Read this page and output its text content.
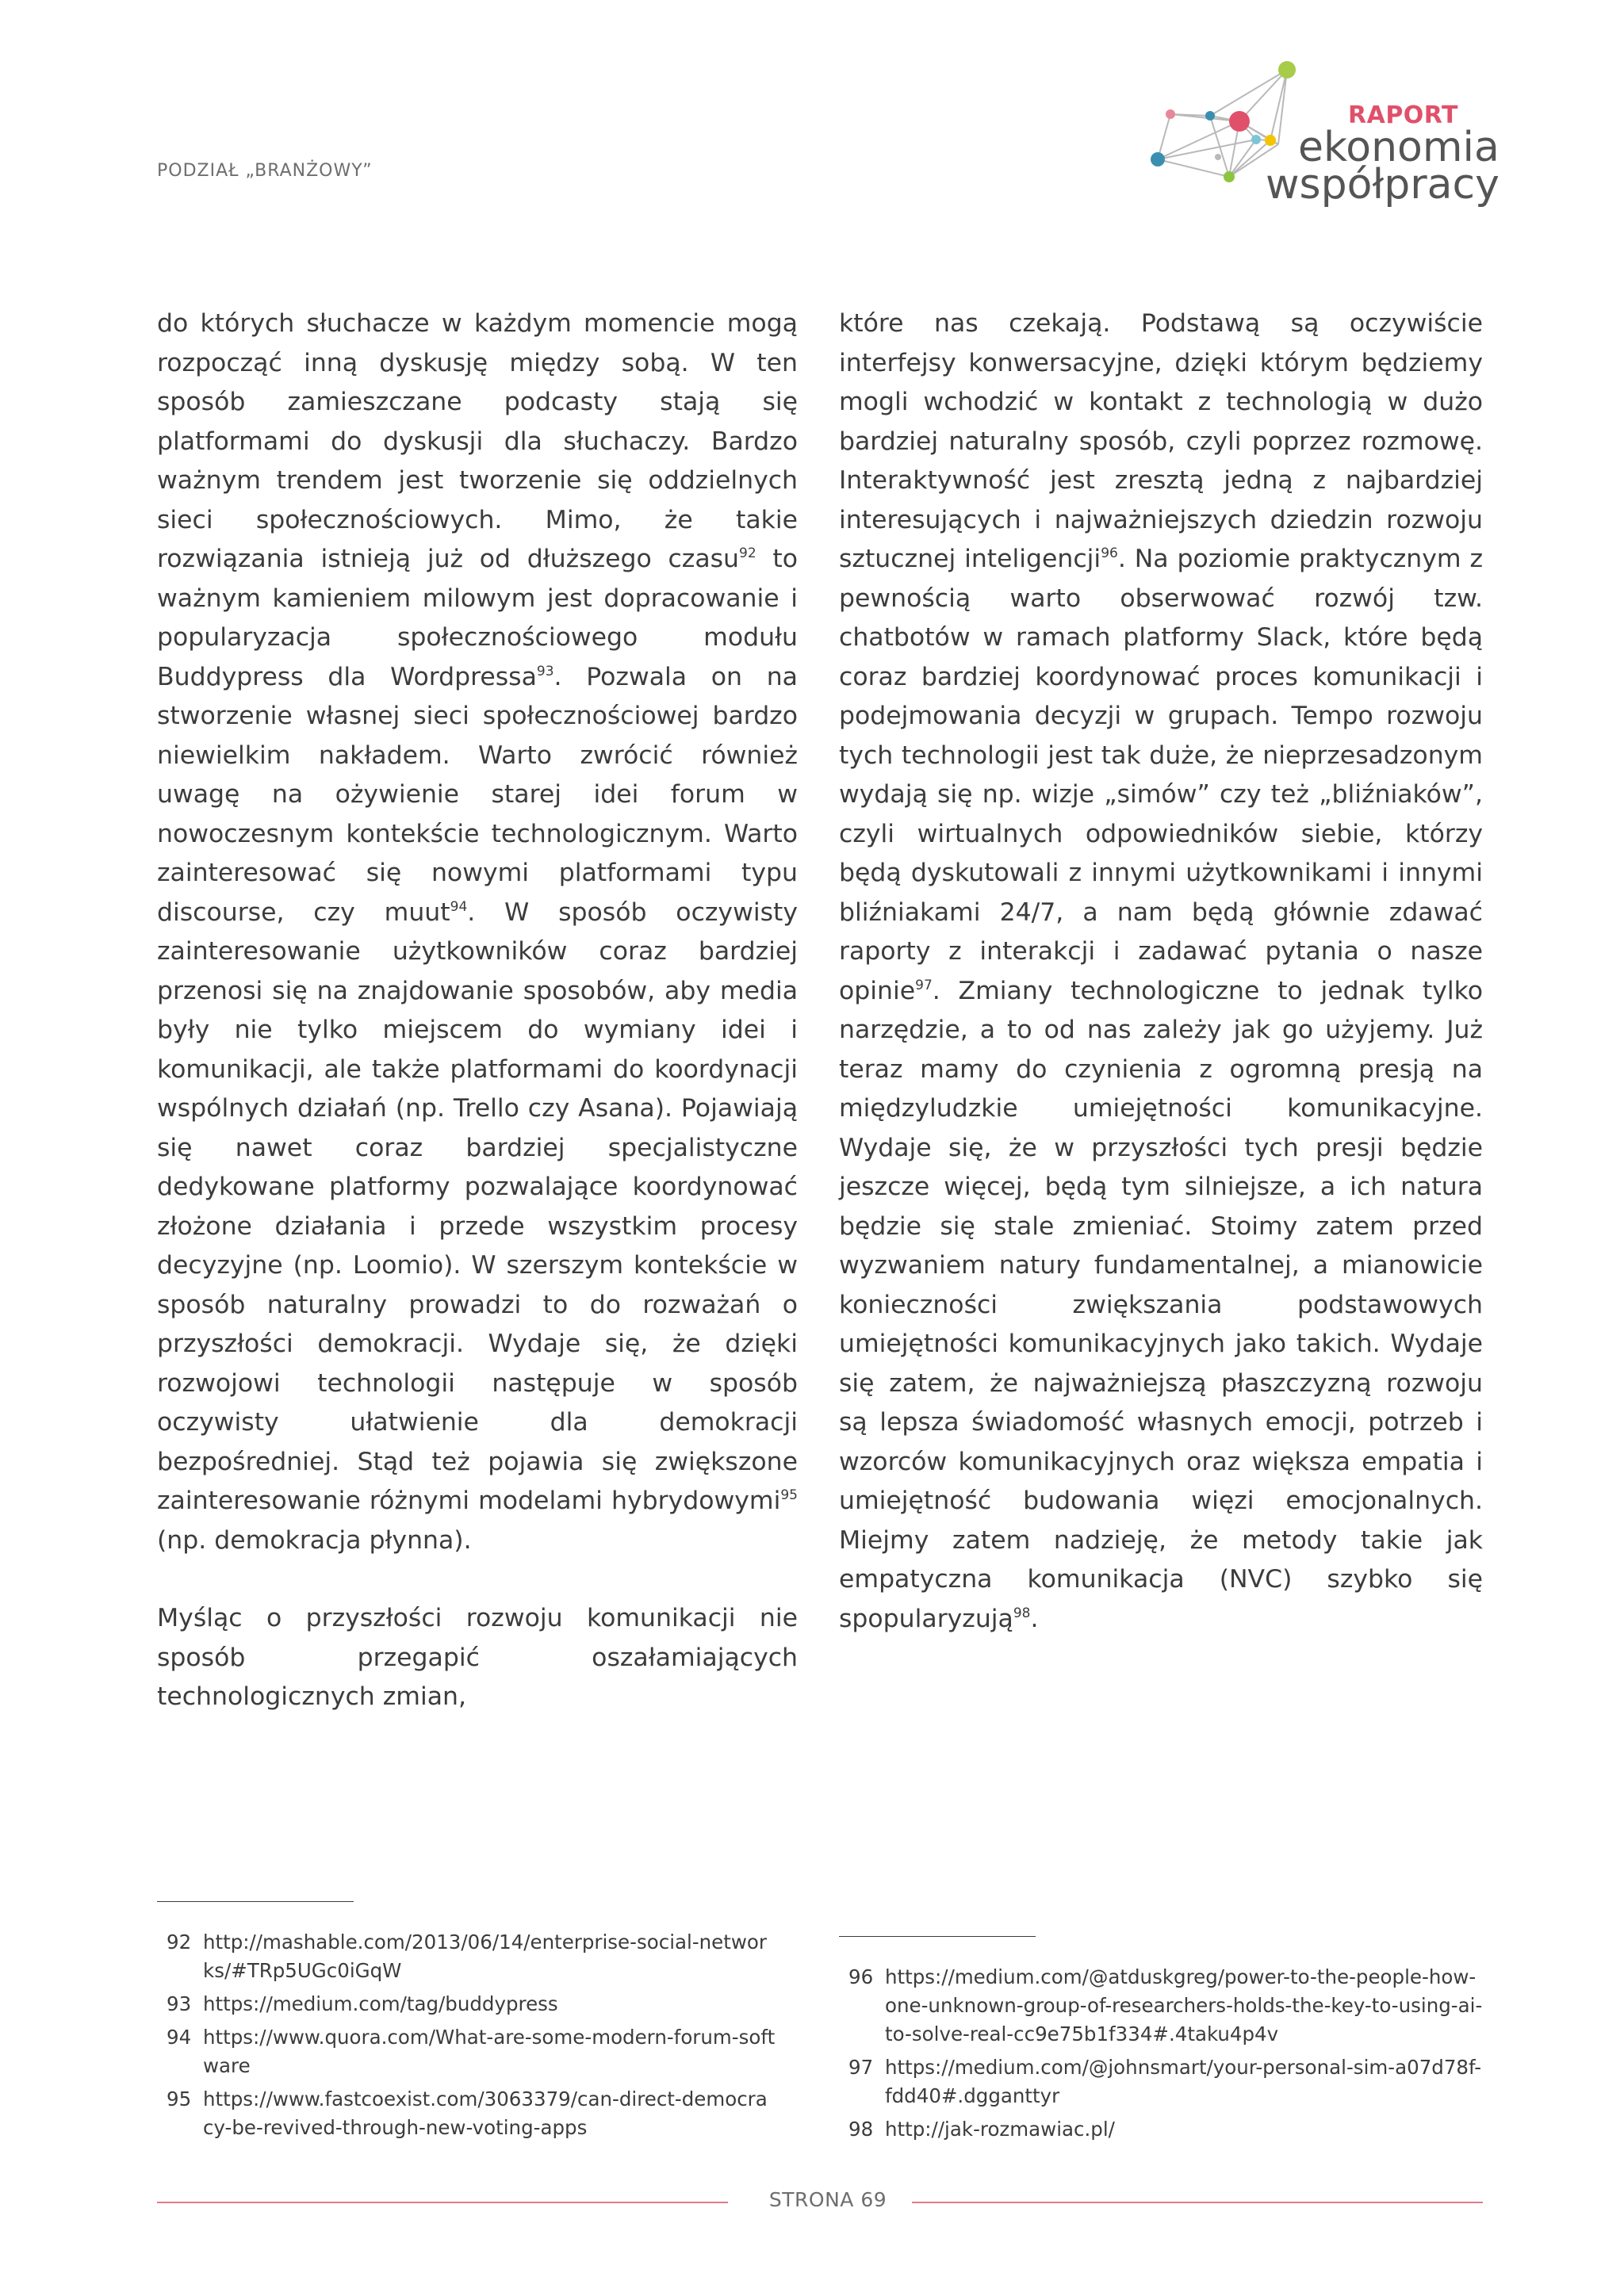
PODZIAŁ „BRANŻOWY”
RAPORT
ekonomia
współpracy

do których słuchacze w każdym momencie mogą rozpocząć inną dyskusję między sobą. W ten sposób zamieszczane podcasty stają się platformami do dyskusji dla słuchaczy. Bardzo ważnym trendem jest tworzenie się oddzielnych sieci społecznościowych. Mimo, że takie rozwiązania istnieją już od dłuższego czasu$^{92}$ to ważnym kamieniem milowym jest dopracowanie i popularyzacja społecznościowego modułu Buddypress dla Wordpressa$^{93}$. Pozwala on na stworzenie własnej sieci społecznościowej bardzo niewielkim nakładem. Warto zwrócić również uwagę na ożywienie starej idei forum w nowoczesnym kontekście technologicznym. Warto zainteresować się nowymi platformami typu discourse, czy muut$^{94}$. W sposób oczywisty zainteresowanie użytkowników coraz bardziej przenosi się na znajdowanie sposobów, aby media były nie tylko miejscem do wymiany idei i komunikacji, ale także platformami do koordynacji wspólnych działań (np. Trello czy Asana). Pojawiają się nawet coraz bardziej specjalistyczne dedykowane platformy pozwalające koordynować złożone działania i przede wszystkim procesy decyzyjne (np. Loomio). W szerszym kontekście w sposób naturalny prowadzi to do rozważań o przyszłości demokracji. Wydaje się, że dzięki rozwojowi technologii następuje w sposób oczywisty ułatwienie dla demokracji bezpośredniej. Stąd też pojawia się zwiększone zainteresowanie różnymi modelami hybrydowymi$^{95}$ (np. demokracja płynna).

Myśląc o przyszłości rozwoju komunikacji nie sposób przegapić oszałamiających technologicznych zmian,

które nas czekają. Podstawą są oczywiście interfejsy konwersacyjne, dzięki którym będziemy mogli wchodzić w kontakt z technologią w dużo bardziej naturalny sposób, czyli poprzez rozmowę. Interaktywność jest zresztą jedną z najbardziej interesujących i najważniejszych dziedzin rozwoju sztucznej inteligencji$^{96}$. Na poziomie praktycznym z pewnością warto obserwować rozwój tzw. chatbotów w ramach platformy Slack, które będą coraz bardziej koordynować proces komunikacji i podejmowania decyzji w grupach. Tempo rozwoju tych technologii jest tak duże, że nieprzesadzonym wydają się np. wizje „simów” czy też „bliźniaków”, czyli wirtualnych odpowiedników siebie, którzy będą dyskutowali z innymi użytkownikami i innymi bliźniakami 24/7, a nam będą głównie zdawać raporty z interakcji i zadawać pytania o nasze opinie$^{97}$. Zmiany technologiczne to jednak tylko narzędzie, a to od nas zależy jak go użyjemy. Już teraz mamy do czynienia z ogromną presją na międzyludzkie umiejętności komunikacyjne. Wydaje się, że w przyszłości tych presji będzie jeszcze więcej, będą tym silniejsze, a ich natura będzie się stale zmieniać. Stoimy zatem przed wyzwaniem natury fundamentalnej, a mianowicie konieczności zwiększania podstawowych umiejętności komunikacyjnych jako takich. Wydaje się zatem, że najważniejszą płaszczyzną rozwoju są lepsza świadomość własnych emocji, potrzeb i wzorców komunikacyjnych oraz większa empatia i umiejętność budowania więzi emocjonalnych. Miejmy zatem nadzieję, że metody takie jak empatyczna komunikacja (NVC) szybko się spopularyzują$^{98}$.

92 http://mashable.com/2013/06/14/enterprise-social-networks/#TRp5UGc0iGqW
93 https://medium.com/tag/buddypress
94 https://www.quora.com/What-are-some-modern-forum-software
95 https://www.fastcoexist.com/3063379/can-direct-democracy-be-revived-through-new-voting-apps
96 https://medium.com/@atduskgreg/power-to-the-people-how-one-unknown-group-of-researchers-holds-the-key-to-using-ai-to-solve-real-cc9e75b1f334#.4taku4p4v
97 https://medium.com/@johnsmart/your-personal-sim-a07d78f-fdd40#.dgganttyr
98 http://jak-rozmawiac.pl/
STRONA 69
